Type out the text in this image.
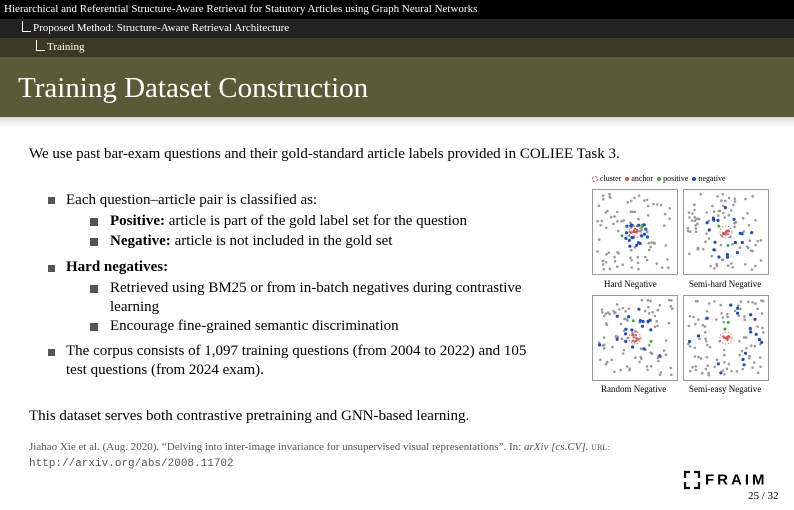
Hierarchical and Referential Structure-Aware Retrieval for Statutory Articles using Graph Neural Networks
Proposed Method: Structure-Aware Retrieval Architecture
Training
Training Dataset Construction
We use past bar-exam questions and their gold-standard article labels provided in COLIEE Task 3.
Each question–article pair is classified as:
Positive: article is part of the gold label set for the question
Negative: article is not included in the gold set
Hard negatives:
Retrieved using BM25 or from in-batch negatives during contrastive
learning
Encourage fine-grained semantic discrimination
The corpus consists of 1,097 training questions (from 2004 to 2022) and 105
test questions (from 2024 exam).
This dataset serves both contrastive pretraining and GNN-based learning.
Jiahao Xie et al. (Aug. 2020). “Delving into inter-image invariance for unsupervised visual representations”. In: arXiv [cs.CV]. URL:
http://arxiv.org/abs/2008.11702
cluster anchor positive negative
Hard Negative	Semi-hard Negative
Random Negative	Semi-easy Negative
FRAIM
25 / 32
